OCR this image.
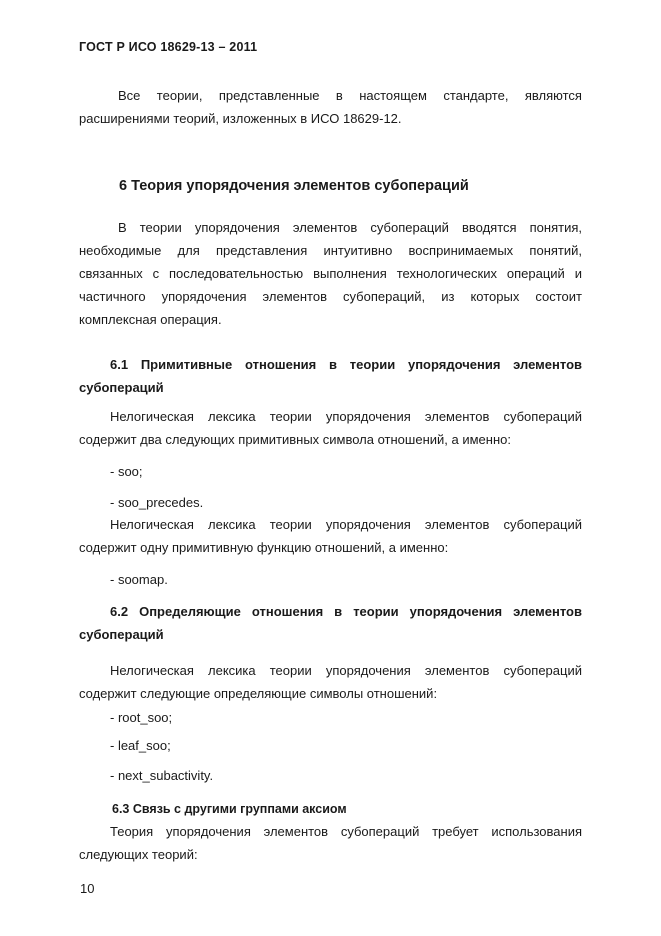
ГОСТ Р ИСО 18629-13 – 2011
Все теории, представленные в настоящем стандарте, являются
расширениями теорий, изложенных в ИСО 18629-12.
6 Теория упорядочения элементов субопераций
В теории упорядочения элементов субопераций вводятся понятия,
необходимые для представления интуитивно воспринимаемых понятий,
связанных с последовательностью выполнения технологических операций и
частичного упорядочения элементов субопераций, из которых состоит
комплексная операция.
6.1 Примитивные отношения в теории упорядочения элементов
субопераций
Нелогическая лексика теории упорядочения элементов субопераций
содержит два следующих примитивных символа отношений, а именно:
- soo;
- soo_precedes.
Нелогическая лексика теории упорядочения элементов субопераций
содержит одну примитивную функцию отношений, а именно:
- soomap.
6.2 Определяющие отношения в теории упорядочения элементов
субопераций
Нелогическая лексика теории упорядочения элементов субопераций
содержит следующие определяющие символы отношений:
- root_soo;
- leaf_soo;
- next_subactivity.
6.3 Связь с другими группами аксиом
Теория упорядочения элементов субопераций требует использования
следующих теорий:
10
